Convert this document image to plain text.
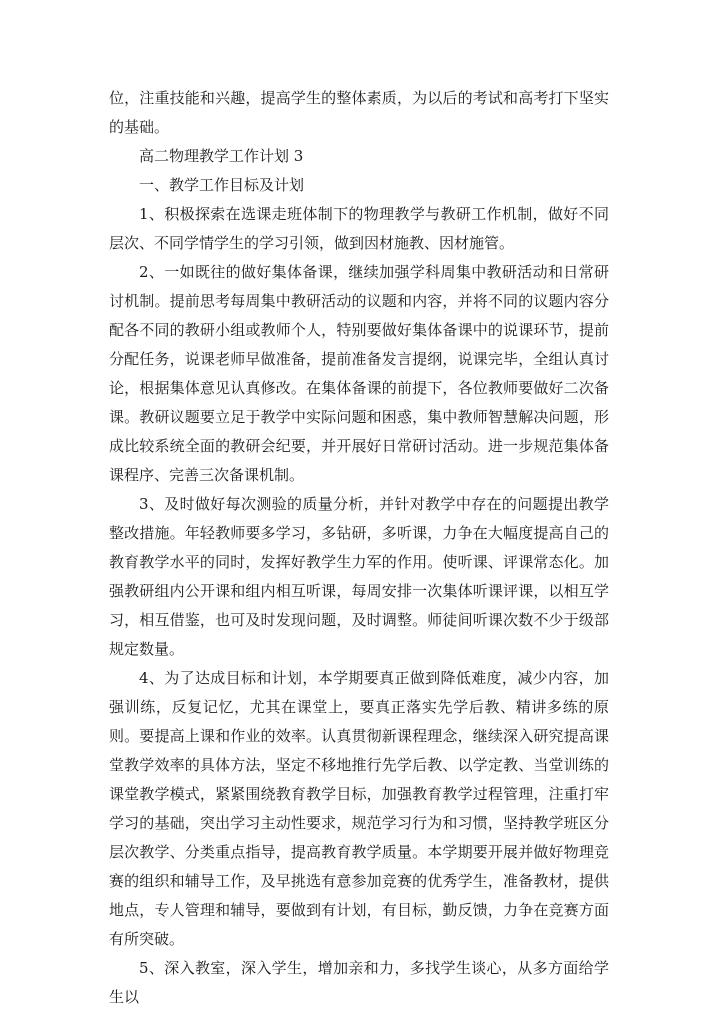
位，注重技能和兴趣，提高学生的整体素质，为以后的考试和高考打下坚实的基础。

高二物理教学工作计划 3

一、教学工作目标及计划

1、积极探索在选课走班体制下的物理教学与教研工作机制，做好不同层次、不同学情学生的学习引领，做到因材施教、因材施管。

2、一如既往的做好集体备课，继续加强学科周集中教研活动和日常研讨机制。提前思考每周集中教研活动的议题和内容，并将不同的议题内容分配各不同的教研小组或教师个人，特别要做好集体备课中的说课环节，提前分配任务，说课老师早做准备，提前准备发言提纲，说课完毕，全组认真讨论，根据集体意见认真修改。在集体备课的前提下，各位教师要做好二次备课。教研议题要立足于教学中实际问题和困惑，集中教师智慧解决问题，形成比较系统全面的教研会纪要，并开展好日常研讨活动。进一步规范集体备课程序、完善三次备课机制。

3、及时做好每次测验的质量分析，并针对教学中存在的问题提出教学整改措施。年轻教师要多学习，多钻研，多听课，力争在大幅度提高自己的教育教学水平的同时，发挥好教学生力军的作用。使听课、评课常态化。加强教研组内公开课和组内相互听课，每周安排一次集体听课评课，以相互学习，相互借鉴，也可及时发现问题，及时调整。师徒间听课次数不少于级部规定数量。

4、为了达成目标和计划，本学期要真正做到降低难度，减少内容，加强训练，反复记忆，尤其在课堂上，要真正落实先学后教、精讲多练的原则。要提高上课和作业的效率。认真贯彻新课程理念，继续深入研究提高课堂教学效率的具体方法，坚定不移地推行先学后教、以学定教、当堂训练的课堂教学模式，紧紧围绕教育教学目标，加强教育教学过程管理，注重打牢学习的基础，突出学习主动性要求，规范学习行为和习惯，坚持教学班区分层次教学、分类重点指导，提高教育教学质量。本学期要开展并做好物理竞赛的组织和辅导工作，及早挑选有意参加竞赛的优秀学生，准备教材，提供地点，专人管理和辅导，要做到有计划，有目标，勤反馈，力争在竞赛方面有所突破。

5、深入教室，深入学生，增加亲和力，多找学生谈心，从多方面给学生以
